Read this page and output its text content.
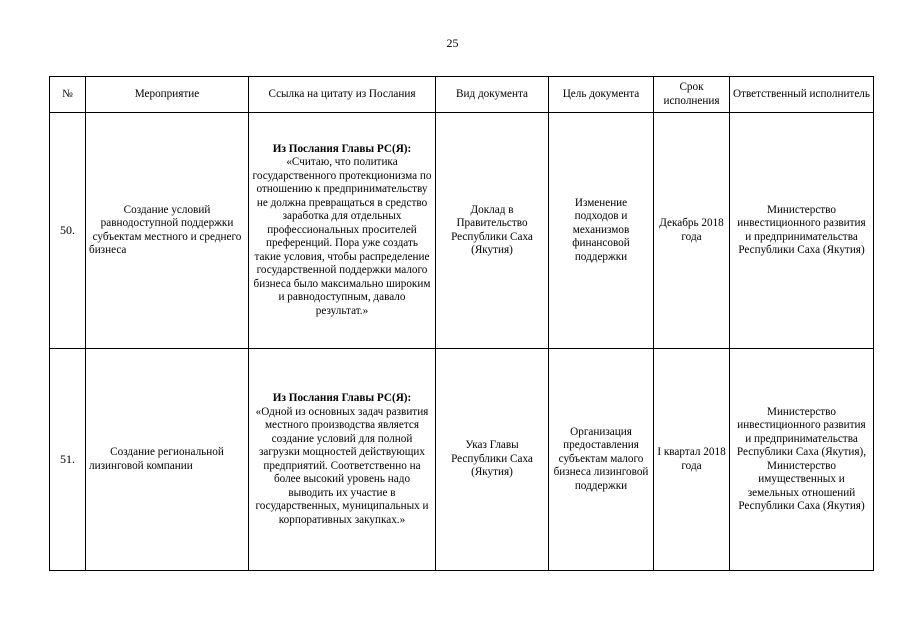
25
№	Мероприятие	Ссылка на цитату из Послания	Вид документа	Цель документа	Срок исполнения	Ответственный исполнитель
50.	Создание условий равнодоступной поддержки субъектам местного и среднего бизнеса	Из Послания Главы РС(Я):
«Считаю, что политика государственного протекционизма по отношению к предпринимательству не должна превращаться в средство заработка для отдельных профессиональных просителей преференций. Пора уже создать такие условия, чтобы распределение государственной поддержки малого бизнеса было максимально широким и равнодоступным, давало результат.»	Доклад в Правительство Республики Саха (Якутия)	Изменение подходов и механизмов финансовой поддержки	Декабрь 2018 года	Министерство инвестиционного развития и предпринимательства Республики Саха (Якутия)
51.	Создание региональной лизинговой компании	Из Послания Главы РС(Я):
«Одной из основных задач развития местного производства является создание условий для полной загрузки мощностей действующих предприятий. Соответственно на более высокий уровень надо выводить их участие в государственных, муниципальных и корпоративных закупках.»	Указ Главы Республики Саха (Якутия)	Организация предоставления субъектам малого бизнеса лизинговой поддержки	I квартал 2018 года	Министерство инвестиционного развития и предпринимательства Республики Саха (Якутия), Министерство имущественных и земельных отношений Республики Саха (Якутия)
